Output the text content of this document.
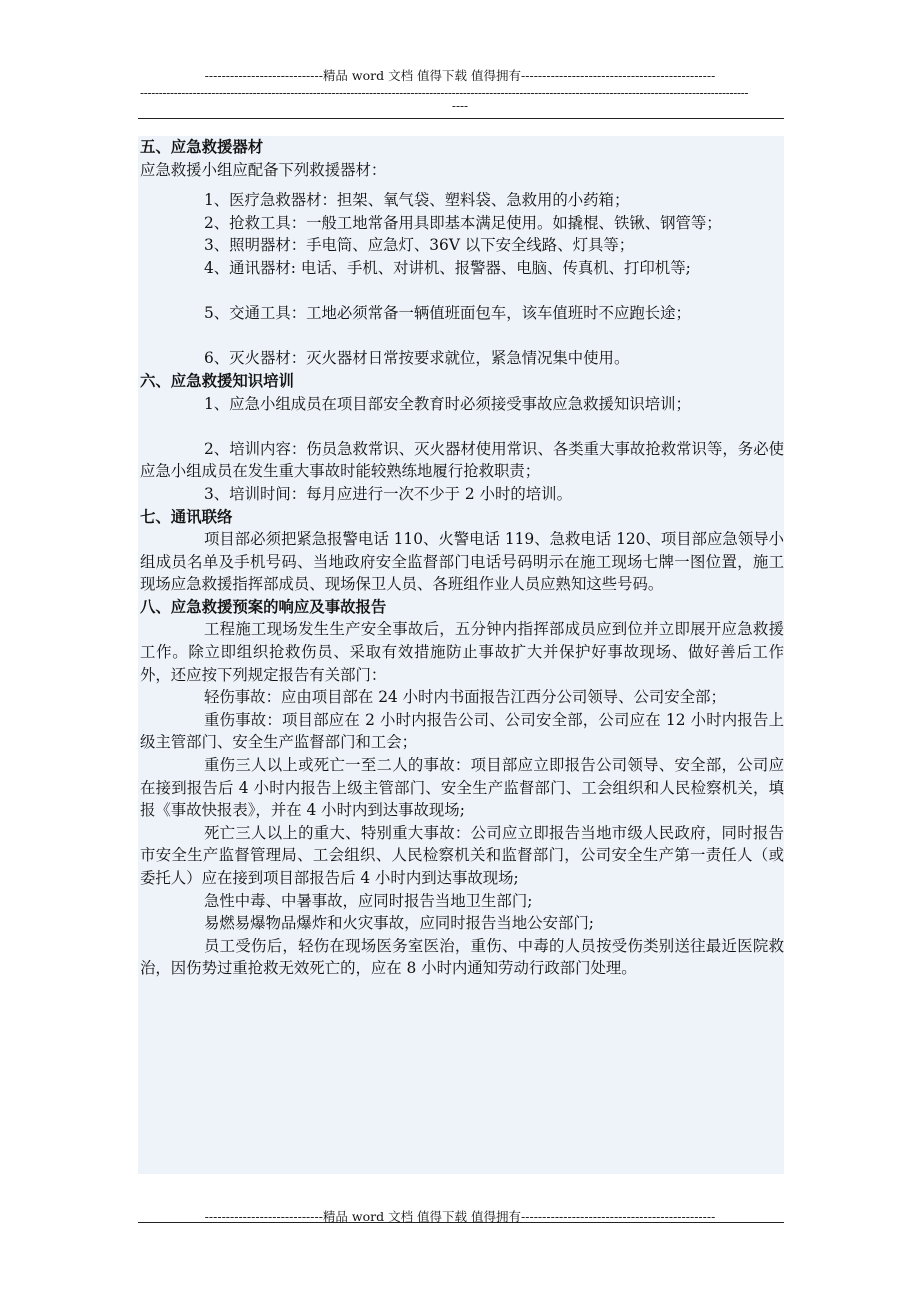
----------------------------精品 word 文档 值得下载 值得拥有----------------------------------------------
------------------------------------------------------------------------------------------------------------------------------------------------------------------
----

五、应急救援器材

应急救援小组应配备下列救援器材：

1、医疗急救器材：担架、氧气袋、塑料袋、急救用的小药箱；

2、抢救工具：一般工地常备用具即基本满足使用。如撬棍、铁锹、钢管等；

3、照明器材：手电筒、应急灯、36V 以下安全线路、灯具等；

4、通讯器材: 电话、手机、对讲机、报警器、电脑、传真机、打印机等;

5、交通工具：工地必须常备一辆值班面包车，该车值班时不应跑长途；

6、灭火器材：灭火器材日常按要求就位，紧急情况集中使用。

六、应急救援知识培训

1、应急小组成员在项目部安全教育时必须接受事故应急救援知识培训；

2、培训内容：伤员急救常识、灭火器材使用常识、各类重大事故抢救常识等，务必使应急小组成员在发生重大事故时能较熟练地履行抢救职责；

3、培训时间：每月应进行一次不少于 2 小时的培训。

七、通讯联络

项目部必须把紧急报警电话 110、火警电话 119、急救电话 120、项目部应急领导小组成员名单及手机号码、当地政府安全监督部门电话号码明示在施工现场七牌一图位置，施工现场应急救援指挥部成员、现场保卫人员、各班组作业人员应熟知这些号码。

八、应急救援预案的响应及事故报告

工程施工现场发生生产安全事故后，五分钟内指挥部成员应到位并立即展开应急救援工作。除立即组织抢救伤员、采取有效措施防止事故扩大并保护好事故现场、做好善后工作外，还应按下列规定报告有关部门：

轻伤事故：应由项目部在 24 小时内书面报告江西分公司领导、公司安全部；

重伤事故：项目部应在 2 小时内报告公司、公司安全部，公司应在 12 小时内报告上级主管部门、安全生产监督部门和工会；

重伤三人以上或死亡一至二人的事故：项目部应立即报告公司领导、安全部，公司应在接到报告后 4 小时内报告上级主管部门、安全生产监督部门、工会组织和人民检察机关，填报《事故快报表》，并在 4 小时内到达事故现场;

死亡三人以上的重大、特别重大事故：公司应立即报告当地市级人民政府，同时报告市安全生产监督管理局、工会组织、人民检察机关和监督部门，公司安全生产第一责任人（或委托人）应在接到项目部报告后 4 小时内到达事故现场;

急性中毒、中暑事故，应同时报告当地卫生部门;

易燃易爆物品爆炸和火灾事故，应同时报告当地公安部门;

员工受伤后，轻伤在现场医务室医治，重伤、中毒的人员按受伤类别送往最近医院救治，因伤势过重抢救无效死亡的，应在 8 小时内通知劳动行政部门处理。

----------------------------精品 word 文档 值得下载 值得拥有----------------------------------------------
